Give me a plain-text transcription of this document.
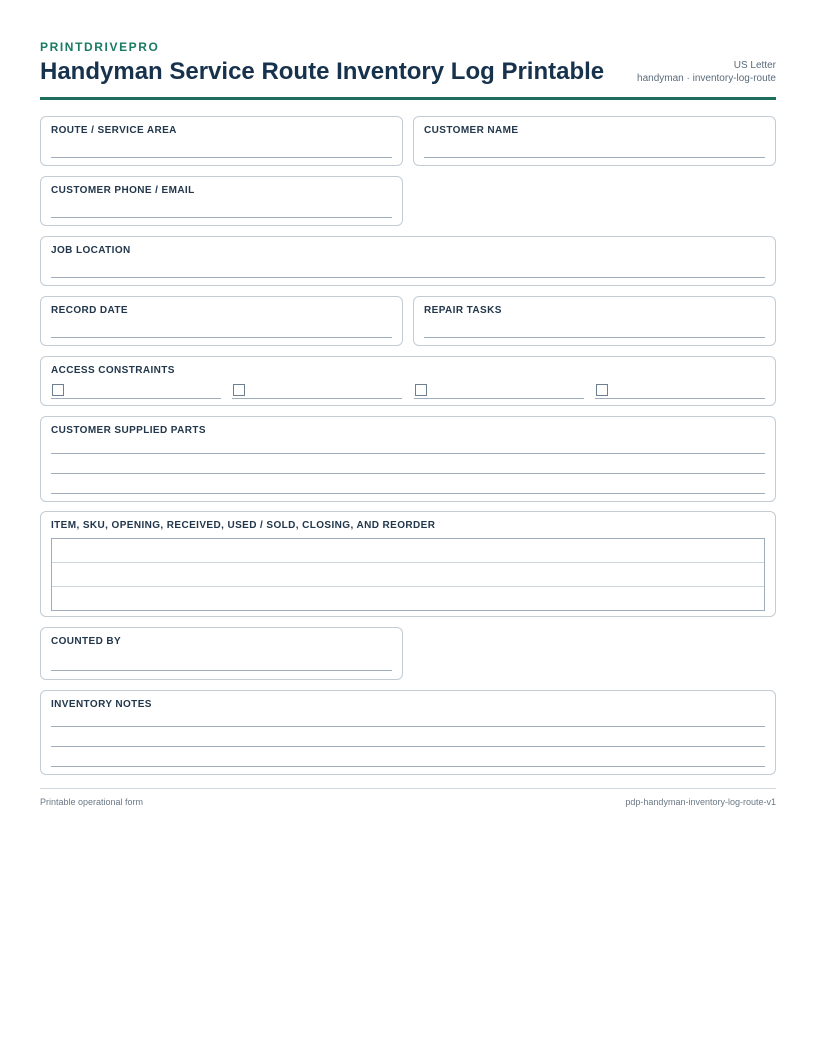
PRINTDRIVEPRO
Handyman Service Route Inventory Log Printable	US Letter
handyman · inventory-log-route
ROUTE / SERVICE AREA	CUSTOMER NAME
CUSTOMER PHONE / EMAIL
JOB LOCATION
RECORD DATE	REPAIR TASKS
ACCESS CONSTRAINTS
CUSTOMER SUPPLIED PARTS
ITEM, SKU, OPENING, RECEIVED, USED / SOLD, CLOSING, AND REORDER
COUNTED BY
INVENTORY NOTES
Printable operational form	pdp-handyman-inventory-log-route-v1
